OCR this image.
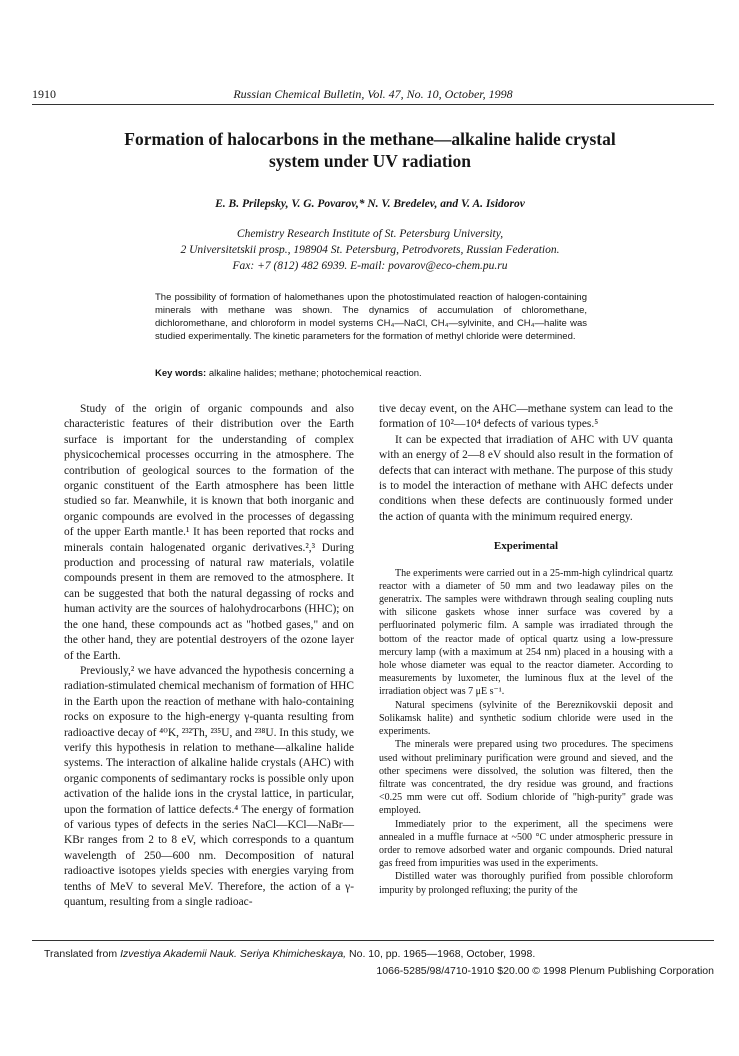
1910	Russian Chemical Bulletin, Vol. 47, No. 10, October, 1998
Formation of halocarbons in the methane—alkaline halide crystal
system under UV radiation
E. B. Prilepsky, V. G. Povarov,* N. V. Bredelev, and V. A. Isidorov
Chemistry Research Institute of St. Petersburg University,
2 Universitetskii prosp., 198904 St. Petersburg, Petrodvorets, Russian Federation.
Fax: +7 (812) 482 6939. E-mail: povarov@eco-chem.pu.ru
The possibility of formation of halomethanes upon the photostimulated reaction of halogen-containing minerals with methane was shown. The dynamics of accumulation of chloromethane, dichloromethane, and chloroform in model systems CH₄—NaCl, CH₄—sylvinite, and CH₄—halite was studied experimentally. The kinetic parameters for the formation of methyl chloride were determined.
Key words: alkaline halides; methane; photochemical reaction.

Study of the origin of organic compounds and also characteristic features of their distribution over the Earth surface is important for the understanding of complex physicochemical processes occurring in the atmosphere. The contribution of geological sources to the formation of the organic constituent of the Earth atmosphere has been little studied so far. Meanwhile, it is known that both inorganic and organic compounds are evolved in the processes of degassing of the upper Earth mantle.¹ It has been reported that rocks and minerals contain halogenated organic derivatives.²,³ During production and processing of natural raw materials, volatile compounds present in them are removed to the atmosphere. It can be suggested that both the natural degassing of rocks and human activity are the sources of halohydrocarbons (HHC); on the one hand, these compounds act as "hotbed gases," and on the other hand, they are potential destroyers of the ozone layer of the Earth.

Previously,² we have advanced the hypothesis concerning a radiation-stimulated chemical mechanism of formation of HHC in the Earth upon the reaction of methane with halo-containing rocks on exposure to the high-energy γ-quanta resulting from radioactive decay of ⁴⁰K, ²³²Th, ²³⁵U, and ²³⁸U. In this study, we verify this hypothesis in relation to methane—alkaline halide systems. The interaction of alkaline halide crystals (AHC) with organic components of sedimantary rocks is possible only upon activation of the halide ions in the crystal lattice, in particular, upon the formation of lattice defects.⁴ The energy of formation of various types of defects in the series NaCl—KCl—NaBr—KBr ranges from 2 to 8 eV, which corresponds to a quantum wavelength of 250—600 nm. Decomposition of natural radioactive isotopes yields species with energies varying from tenths of MeV to several MeV. Therefore, the action of a γ-quantum, resulting from a single radioac-

tive decay event, on the AHC—methane system can lead to the formation of 10²—10⁴ defects of various types.⁵

It can be expected that irradiation of AHC with UV quanta with an energy of 2—8 eV should also result in the formation of defects that can interact with methane. The purpose of this study is to model the interaction of methane with AHC defects under conditions when these defects are continuously formed under the action of quanta with the minimum required energy.

Experimental

The experiments were carried out in a 25-mm-high cylindrical quartz reactor with a diameter of 50 mm and two leadaway piles on the generatrix. The samples were withdrawn through sealing coupling nuts with silicone gaskets whose inner surface was covered by a perfluorinated polymeric film. A sample was irradiated through the bottom of the reactor made of optical quartz using a low-pressure mercury lamp (with a maximum at 254 nm) placed in a housing with a hole whose diameter was equal to the reactor diameter. According to measurements by luxometer, the luminous flux at the level of the irradiation object was 7 μE s⁻¹.

Natural specimens (sylvinite of the Bereznikovskii deposit and Solikamsk halite) and synthetic sodium chloride were used in the experiments.

The minerals were prepared using two procedures. The specimens used without preliminary purification were ground and sieved, and the other specimens were dissolved, the solution was filtered, then the filtrate was concentrated, the dry residue was ground, and fractions <0.25 mm were cut off. Sodium chloride of "high-purity" grade was employed.

Immediately prior to the experiment, all the specimens were annealed in a muffle furnace at ~500 °C under atmospheric pressure in order to remove adsorbed water and organic compounds. Dried natural gas freed from impurities was used in the experiments.

Distilled water was thoroughly purified from possible chloroform impurity by prolonged refluxing; the purity of the

Translated from Izvestiya Akademii Nauk. Seriya Khimicheskaya, No. 10, pp. 1965—1968, October, 1998.
1066-5285/98/4710-1910 $20.00 © 1998 Plenum Publishing Corporation
